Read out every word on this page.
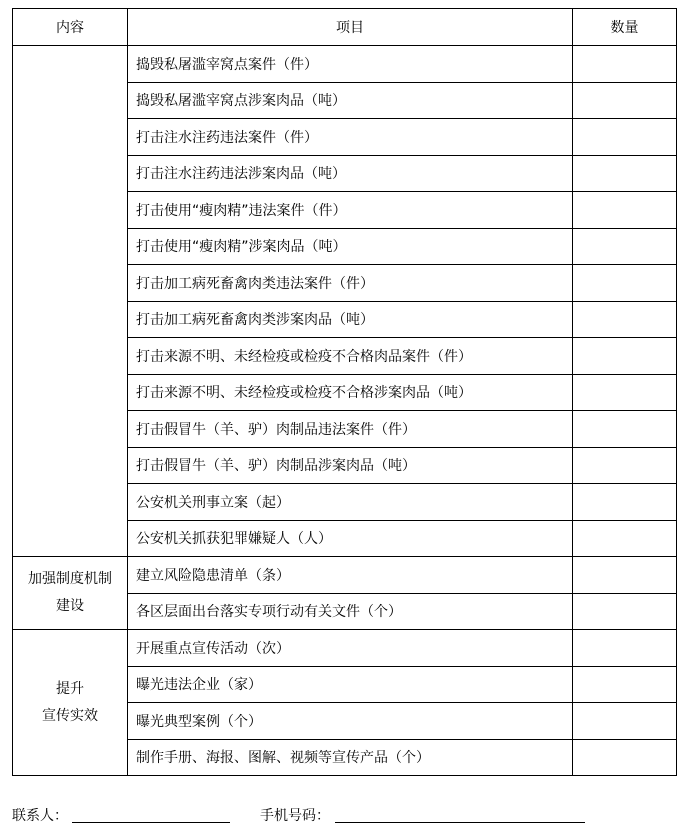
内容	项目	数量
	捣毁私屠滥宰窝点案件（件）	
	捣毁私屠滥宰窝点涉案肉品（吨）	
	打击注水注药违法案件（件）	
	打击注水注药违法涉案肉品（吨）	
	打击使用“瘦肉精”违法案件（件）	
	打击使用“瘦肉精”涉案肉品（吨）	
	打击加工病死畜禽肉类违法案件（件）	
	打击加工病死畜禽肉类涉案肉品（吨）	
	打击来源不明、未经检疫或检疫不合格肉品案件（件）	
	打击来源不明、未经检疫或检疫不合格涉案肉品（吨）	
	打击假冒牛（羊、驴）肉制品违法案件（件）	
	打击假冒牛（羊、驴）肉制品涉案肉品（吨）	
	公安机关刑事立案（起）	
	公安机关抓获犯罪嫌疑人（人）	

加强制度机制
建设	建立风险隐患清单（条）	
	各区层面出台落实专项行动有关文件（个）	

提升
宣传实效	开展重点宣传活动（次）	
	曝光违法企业（家）	
	曝光典型案例（个）	
	制作手册、海报、图解、视频等宣传产品（个）	
联系人：	手机号码：
